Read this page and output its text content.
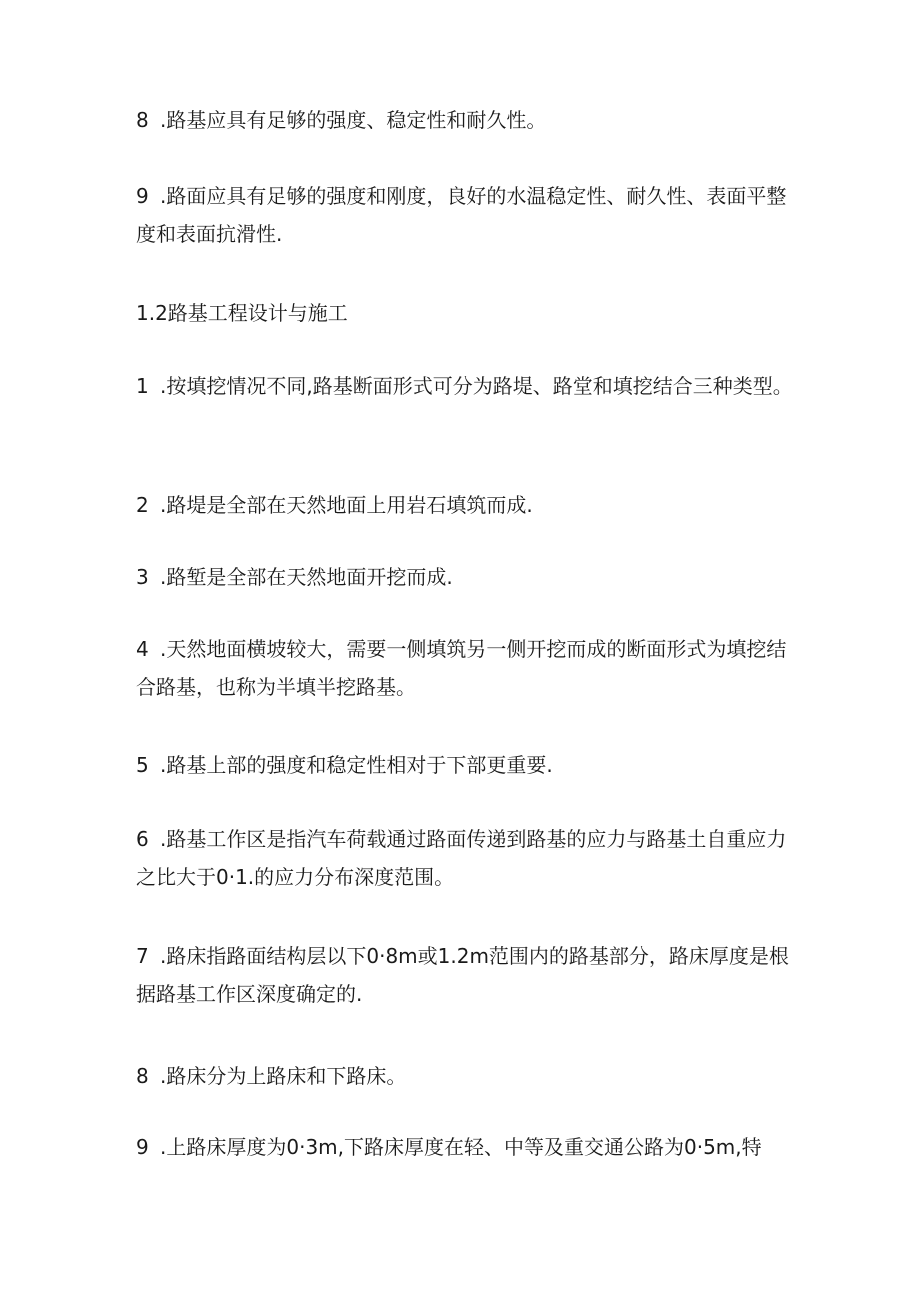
8 .路基应具有足够的强度、稳定性和耐久性。

9 .路面应具有足够的强度和刚度，良好的水温稳定性、耐久性、表面平整度和表面抗滑性.

1.2路基工程设计与施工

1 .按填挖情况不同,路基断面形式可分为路堤、路堂和填挖结合三种类型。

2 .路堤是全部在天然地面上用岩石填筑而成.

3 .路堑是全部在天然地面开挖而成.

4 .天然地面横坡较大，需要一侧填筑另一侧开挖而成的断面形式为填挖结合路基，也称为半填半挖路基。

5 .路基上部的强度和稳定性相对于下部更重要.

6 .路基工作区是指汽车荷载通过路面传递到路基的应力与路基土自重应力之比大于0·1.的应力分布深度范围。

7 .路床指路面结构层以下0·8m或1.2m范围内的路基部分，路床厚度是根据路基工作区深度确定的.

8 .路床分为上路床和下路床。

9 .上路床厚度为0·3m,下路床厚度在轻、中等及重交通公路为0·5m,特
